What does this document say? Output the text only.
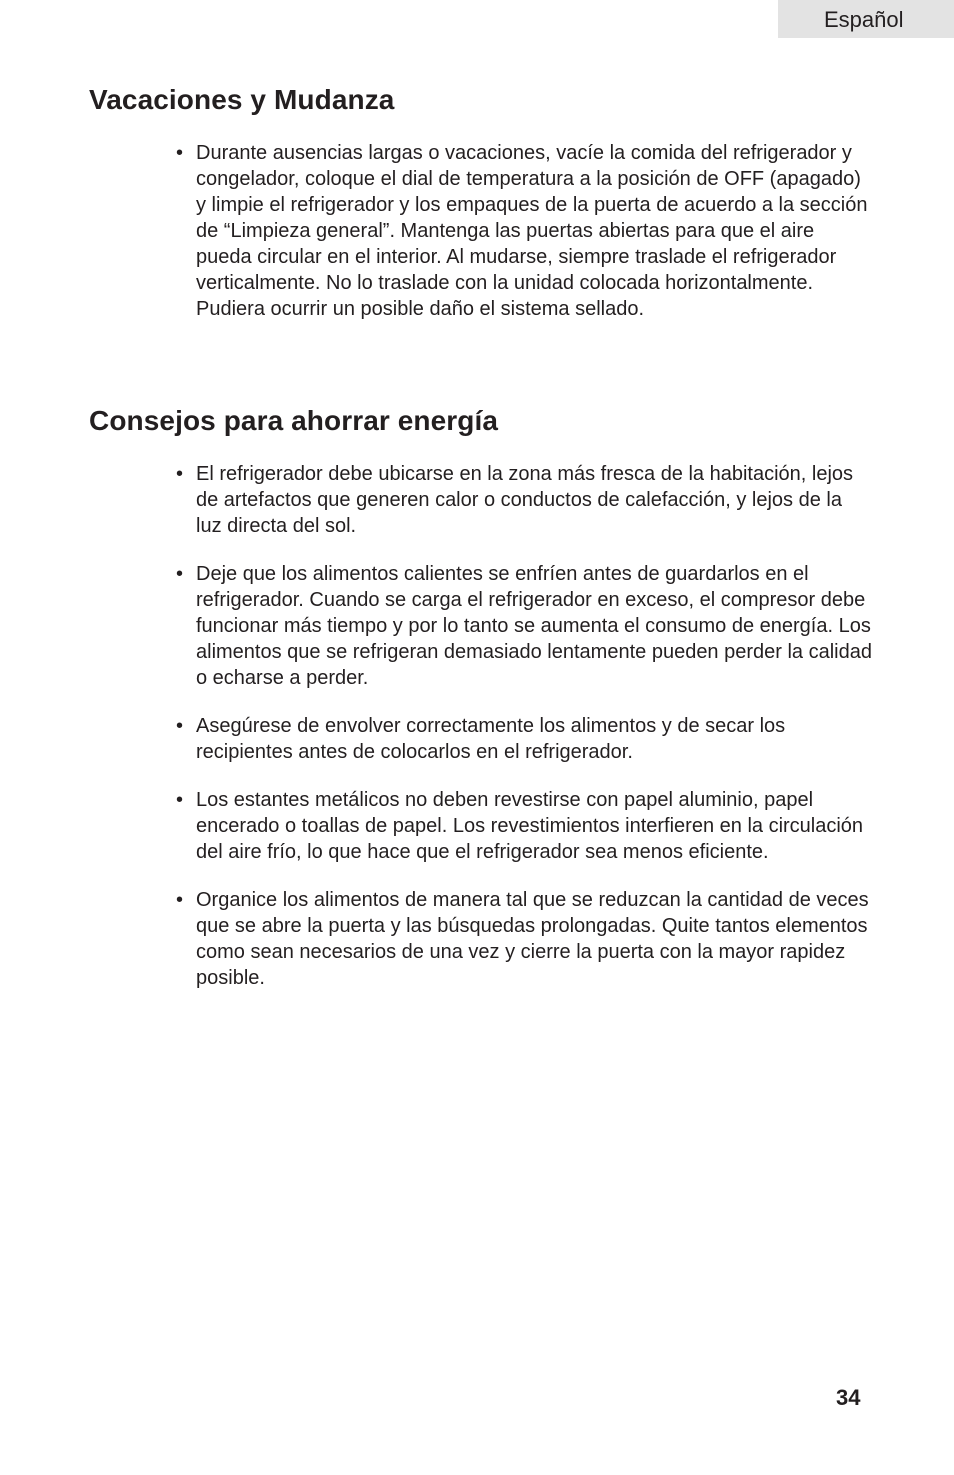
Español
Vacaciones y Mudanza
• Durante ausencias largas o vacaciones, vacíe la comida del refrigerador y congelador, coloque el dial de temperatura a la posición de OFF (apagado) y limpie el refrigerador y los empaques de la puerta de acuerdo a la sección de “Limpieza general”. Mantenga las puertas abiertas para que el aire pueda circular en el interior. Al mudarse, siempre traslade el refrigerador verticalmente. No lo traslade con la unidad colocada horizontalmente. Pudiera ocurrir un posible daño el sistema sellado.
Consejos para ahorrar energía
• El refrigerador debe ubicarse en la zona más fresca de la habitación, lejos de artefactos que generen calor o conductos de calefacción, y lejos de la luz directa del sol.
• Deje que los alimentos calientes se enfríen antes de guardarlos en el refrigerador. Cuando se carga el refrigerador en exceso, el compresor debe funcionar más tiempo y por lo tanto se aumenta el consumo de energía. Los alimentos que se refrigeran demasiado lentamente pueden perder la calidad o echarse a perder.
• Asegúrese de envolver correctamente los alimentos y de secar los recipientes antes de colocarlos en el refrigerador.
• Los estantes metálicos no deben revestirse con papel aluminio, papel encerado o toallas de papel. Los revestimientos interfieren en la circulación del aire frío, lo que hace que el refrigerador sea menos eficiente.
• Organice los alimentos de manera tal que se reduzcan la cantidad de veces que se abre la puerta y las búsquedas prolongadas. Quite tantos elementos como sean necesarios de una vez y cierre la puerta con la mayor rapidez posible.
34
